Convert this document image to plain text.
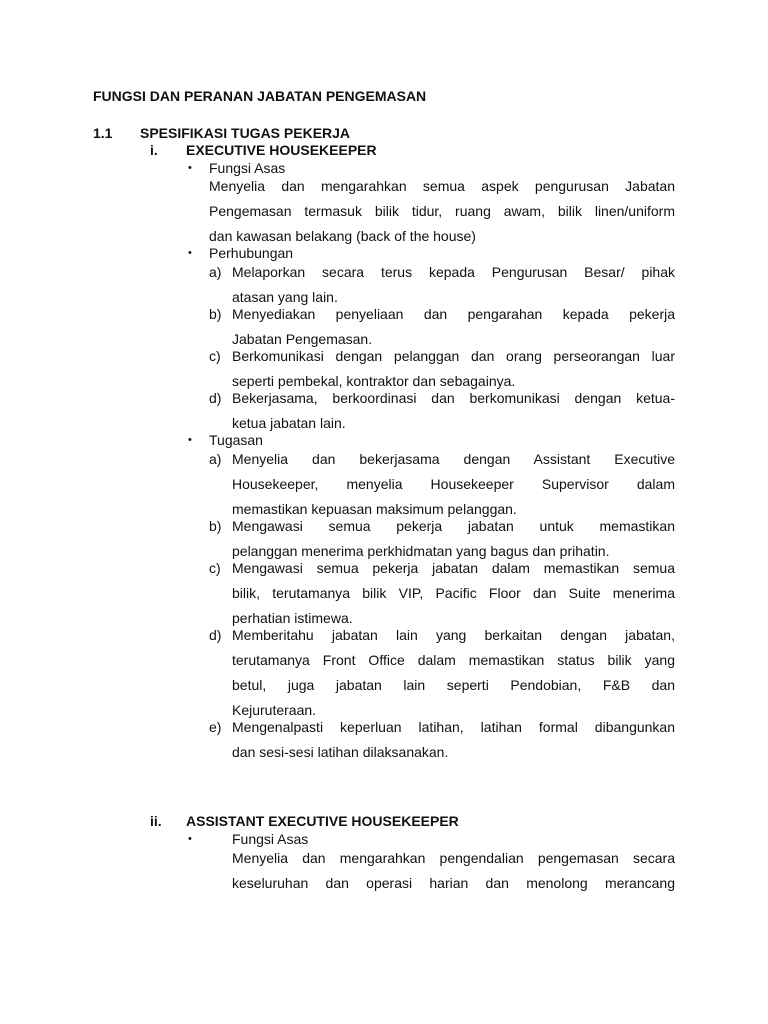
FUNGSI DAN PERANAN JABATAN PENGEMASAN
1.1 SPESIFIKASI TUGAS PEKERJA
i. EXECUTIVE HOUSEKEEPER
• Fungsi Asas
Menyelia dan mengarahkan semua aspek pengurusan Jabatan
Pengemasan termasuk bilik tidur, ruang awam, bilik linen/uniform
dan kawasan belakang (back of the house)
• Perhubungan
a) Melaporkan secara terus kepada Pengurusan Besar/ pihak
atasan yang lain.
b) Menyediakan penyeliaan dan pengarahan kepada pekerja
Jabatan Pengemasan.
c) Berkomunikasi dengan pelanggan dan orang perseorangan luar
seperti pembekal, kontraktor dan sebagainya.
d) Bekerjasama, berkoordinasi dan berkomunikasi dengan ketua-
ketua jabatan lain.
• Tugasan
a) Menyelia dan bekerjasama dengan Assistant Executive
Housekeeper, menyelia Housekeeper Supervisor dalam
memastikan kepuasan maksimum pelanggan.
b) Mengawasi semua pekerja jabatan untuk memastikan
pelanggan menerima perkhidmatan yang bagus dan prihatin.
c) Mengawasi semua pekerja jabatan dalam memastikan semua
bilik, terutamanya bilik VIP, Pacific Floor dan Suite menerima
perhatian istimewa.
d) Memberitahu jabatan lain yang berkaitan dengan jabatan,
terutamanya Front Office dalam memastikan status bilik yang
betul, juga jabatan lain seperti Pendobian, F&B dan
Kejuruteraan.
e) Mengenalpasti keperluan latihan, latihan formal dibangunkan
dan sesi-sesi latihan dilaksanakan.
ii. ASSISTANT EXECUTIVE HOUSEKEEPER
•	Fungsi Asas
Menyelia dan mengarahkan pengendalian pengemasan secara
keseluruhan dan operasi harian dan menolong merancang
